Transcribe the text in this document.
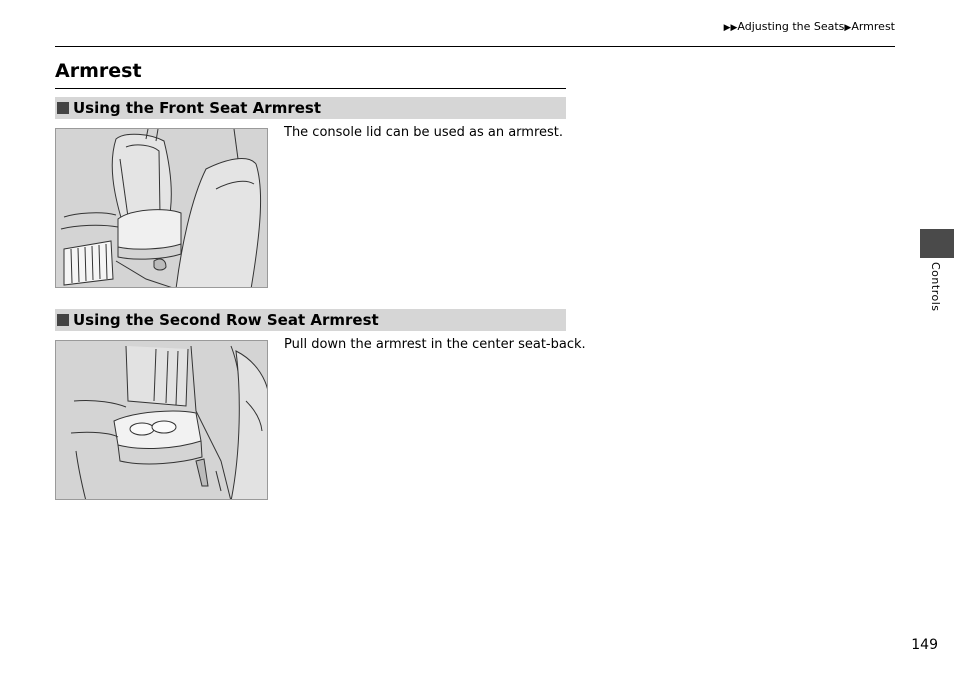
▶▶Adjusting the Seats▶Armrest
Armrest
Using the Front Seat Armrest
The console lid can be used as an armrest.
Using the Second Row Seat Armrest
Pull down the armrest in the center seat-back.
Controls
149
